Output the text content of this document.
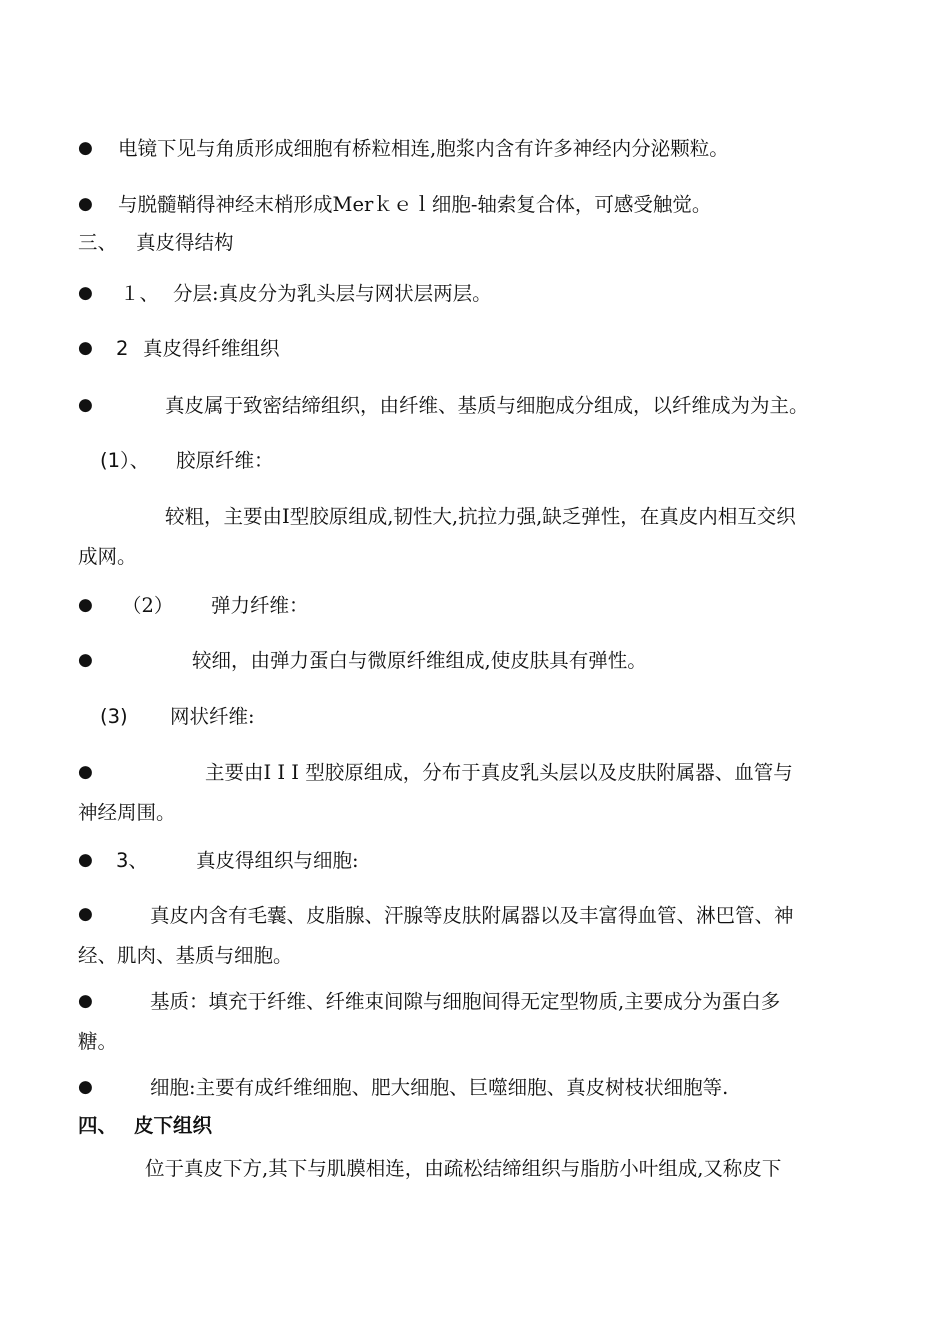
● 电镜下见与角质形成细胞有桥粒相连,胞浆内含有许多神经内分泌颗粒。
● 与脱髓鞘得神经末梢形成Merｋｅｌ细胞-轴索复合体，可感受触觉。
三、 真皮得结构
● １、 分层:真皮分为乳头层与网状层两层。
● 2 真皮得纤维组织
●	真皮属于致密结缔组织，由纤维、基质与细胞成分组成，以纤维成为为主。
(1）、 胶原纤维：
较粗，主要由I型胶原组成,韧性大,抗拉力强,缺乏弹性，在真皮内相互交织
成网。
● （2） 弹力纤维：
●	较细，由弹力蛋白与微原纤维组成,使皮肤具有弹性。
(3) 网状纤维:
●	主要由I I I 型胶原组成，分布于真皮乳头层以及皮肤附属器、血管与
神经周围。
● 3、 真皮得组织与细胞:
●	真皮内含有毛囊、皮脂腺、汗腺等皮肤附属器以及丰富得血管、淋巴管、神
经、肌肉、基质与细胞。
●	基质：填充于纤维、纤维束间隙与细胞间得无定型物质,主要成分为蛋白多
糖。
●	细胞:主要有成纤维细胞、肥大细胞、巨噬细胞、真皮树枝状细胞等.
四、 皮下组织
位于真皮下方,其下与肌膜相连，由疏松结缔组织与脂肪小叶组成,又称皮下
